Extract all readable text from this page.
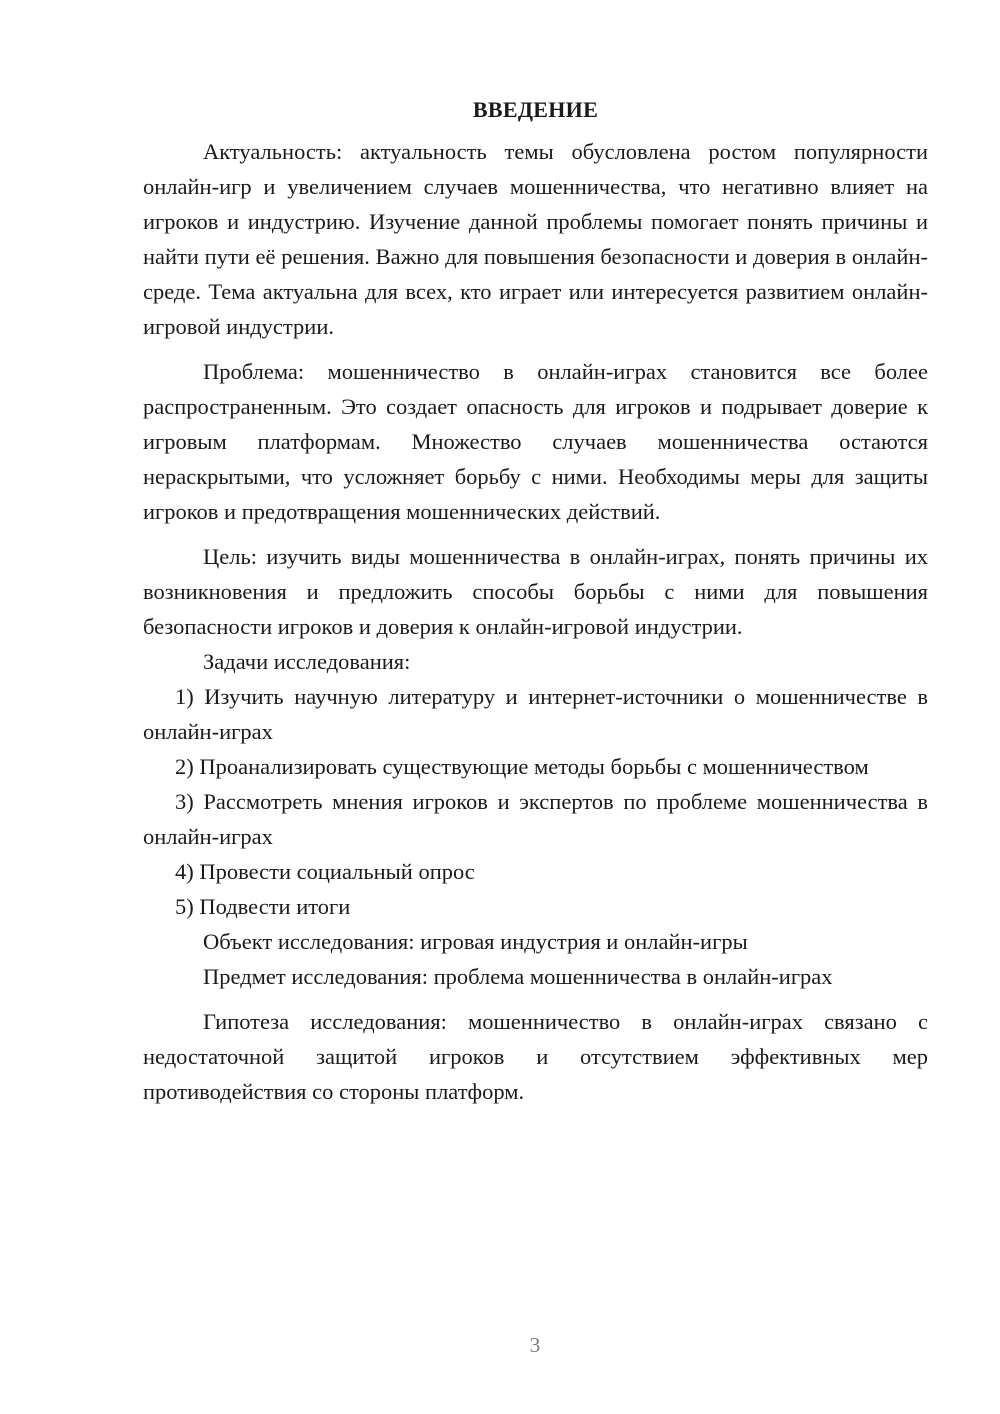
ВВЕДЕНИЕ

Актуальность: актуальность темы обусловлена ростом популярности онлайн-игр и увеличением случаев мошенничества, что негативно влияет на игроков и индустрию. Изучение данной проблемы помогает понять причины и найти пути её решения. Важно для повышения безопасности и доверия в онлайн-среде. Тема актуальна для всех, кто играет или интересуется развитием онлайн-игровой индустрии.

Проблема: мошенничество в онлайн-играх становится все более распространенным. Это создает опасность для игроков и подрывает доверие к игровым платформам. Множество случаев мошенничества остаются нераскрытыми, что усложняет борьбу с ними. Необходимы меры для защиты игроков и предотвращения мошеннических действий.

Цель: изучить виды мошенничества в онлайн-играх, понять причины их возникновения и предложить способы борьбы с ними для повышения безопасности игроков и доверия к онлайн-игровой индустрии.

Задачи исследования:

1) Изучить научную литературу и интернет-источники о мошенничестве в онлайн-играх

2) Проанализировать существующие методы борьбы с мошенничеством

3) Рассмотреть мнения игроков и экспертов по проблеме мошенничества в онлайн-играх

4) Провести социальный опрос

5) Подвести итоги

Объект исследования: игровая индустрия и онлайн-игры

Предмет исследования: проблема мошенничества в онлайн-играх

Гипотеза исследования: мошенничество в онлайн-играх связано с недостаточной защитой игроков и отсутствием эффективных мер противодействия со стороны платформ.

3
